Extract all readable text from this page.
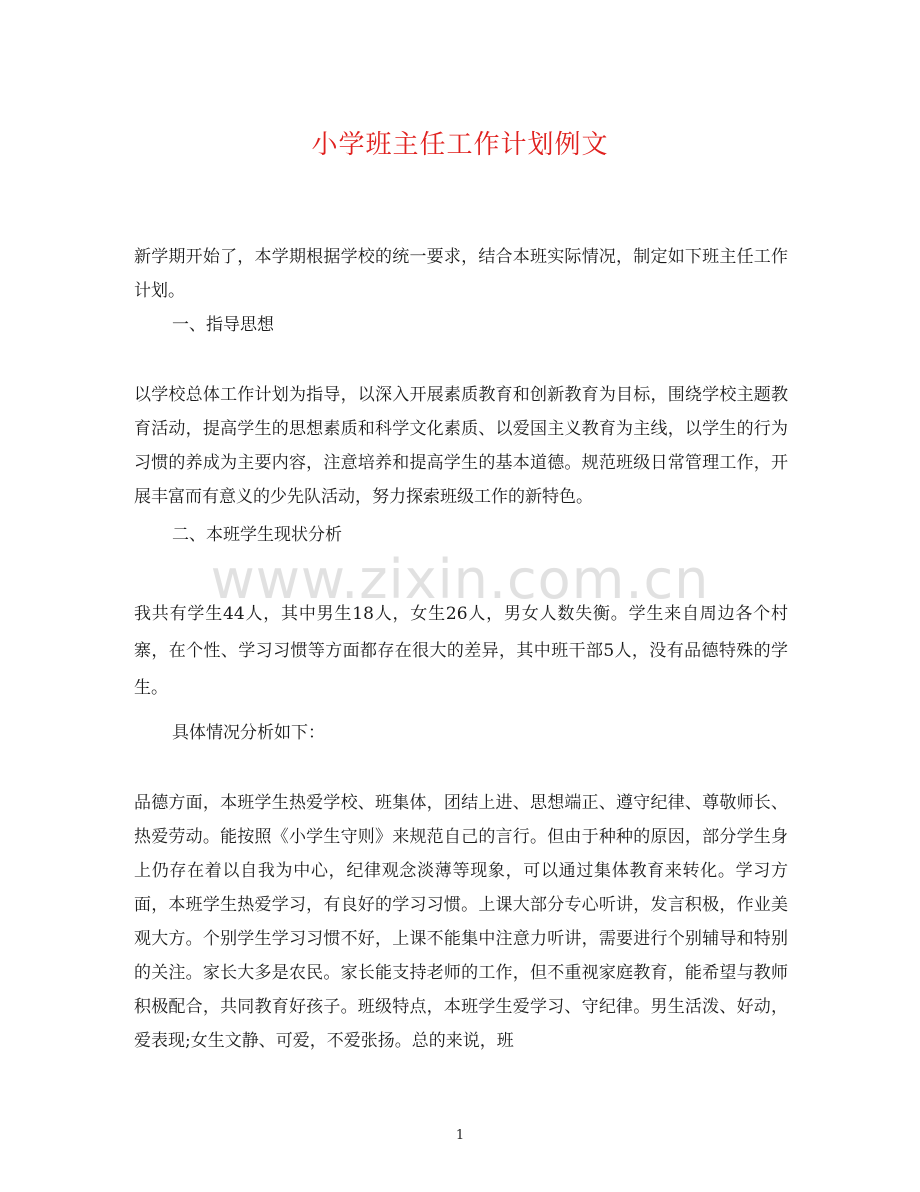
小学班主任工作计划例文

新学期开始了，本学期根据学校的统一要求，结合本班实际情况，制定如下班主任工作计划。

一、指导思想

以学校总体工作计划为指导，以深入开展素质教育和创新教育为目标，围绕学校主题教育活动，提高学生的思想素质和科学文化素质、以爱国主义教育为主线，以学生的行为习惯的养成为主要内容，注意培养和提高学生的基本道德。规范班级日常管理工作，开展丰富而有意义的少先队活动，努力探索班级工作的新特色。

二、本班学生现状分析

我共有学生44人，其中男生18人，女生26人，男女人数失衡。学生来自周边各个村寨，在个性、学习习惯等方面都存在很大的差异，其中班干部5人，没有品德特殊的学生。

具体情况分析如下：

品德方面，本班学生热爱学校、班集体，团结上进、思想端正、遵守纪律、尊敬师长、热爱劳动。能按照《小学生守则》来规范自己的言行。但由于种种的原因，部分学生身上仍存在着以自我为中心，纪律观念淡薄等现象，可以通过集体教育来转化。学习方面，本班学生热爱学习，有良好的学习习惯。上课大部分专心听讲，发言积极，作业美观大方。个别学生学习习惯不好，上课不能集中注意力听讲，需要进行个别辅导和特别的关注。家长大多是农民。家长能支持老师的工作，但不重视家庭教育，能希望与教师积极配合，共同教育好孩子。班级特点，本班学生爱学习、守纪律。男生活泼、好动，爱表现;女生文静、可爱，不爱张扬。总的来说，班

www.zixin.com.cn
1
